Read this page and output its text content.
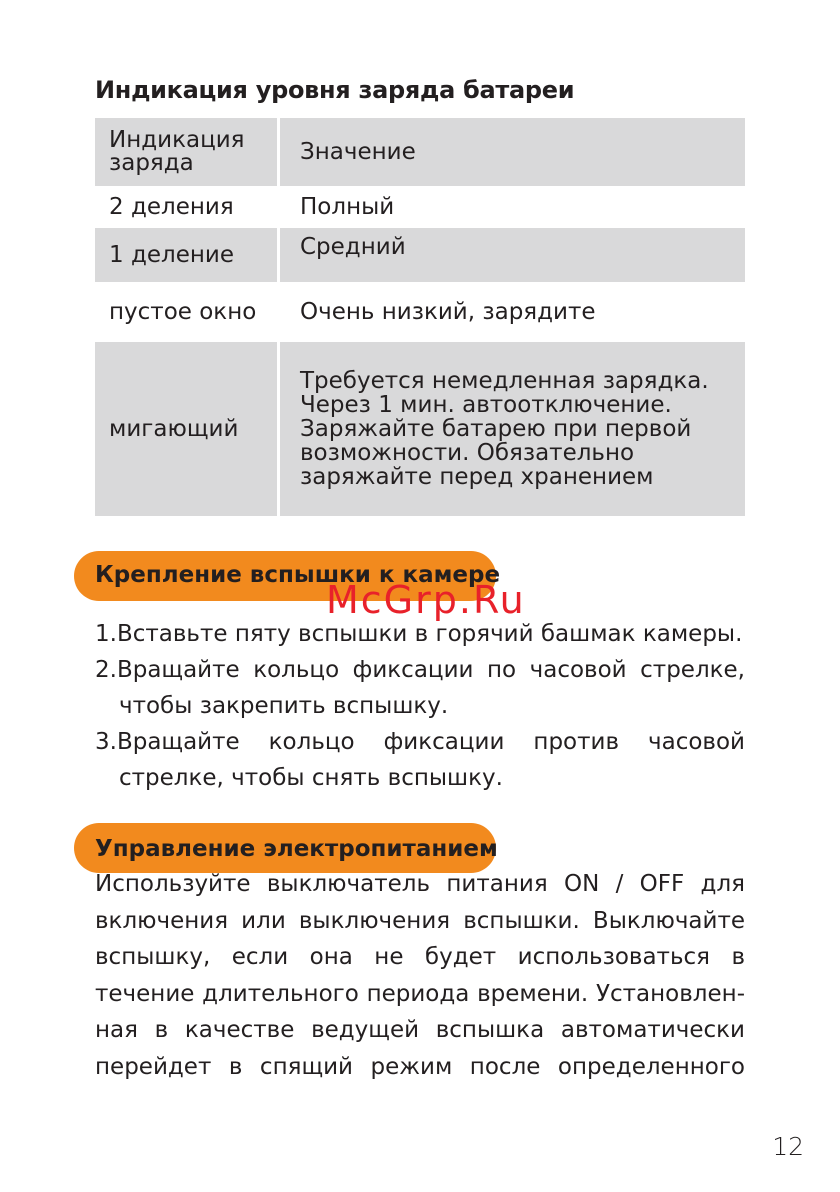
Индикация уровня заряда батареи
Индикация заряда	Значение
2 деления	Полный
1 деление	Средний
пустое окно	Очень низкий, зарядите
мигающий	Требуется немедленная зарядка. Через 1 мин. автоотключение. Заряжайте батарею при первой возможности. Обязательно заряжайте перед хранением
Крепление вспышки к камере
McGrp.Ru
1.Вставьте пяту вспышки в горячий башмак камеры.
2.Вращайте кольцо фиксации по часовой стрелке, чтобы закрепить вспышку.
3.Вращайте кольцо фиксации против часовой стрелке, чтобы снять вспышку.
Управление электропитанием

Используйте выключатель питания ON / OFF для включения или выключения вспышки. Выключайте вспышку, если она не будет использоваться в течение длительного периода времени. Установлен-ная в качестве ведущей вспышка автоматически перейдет в спящий режим после определенного

12
